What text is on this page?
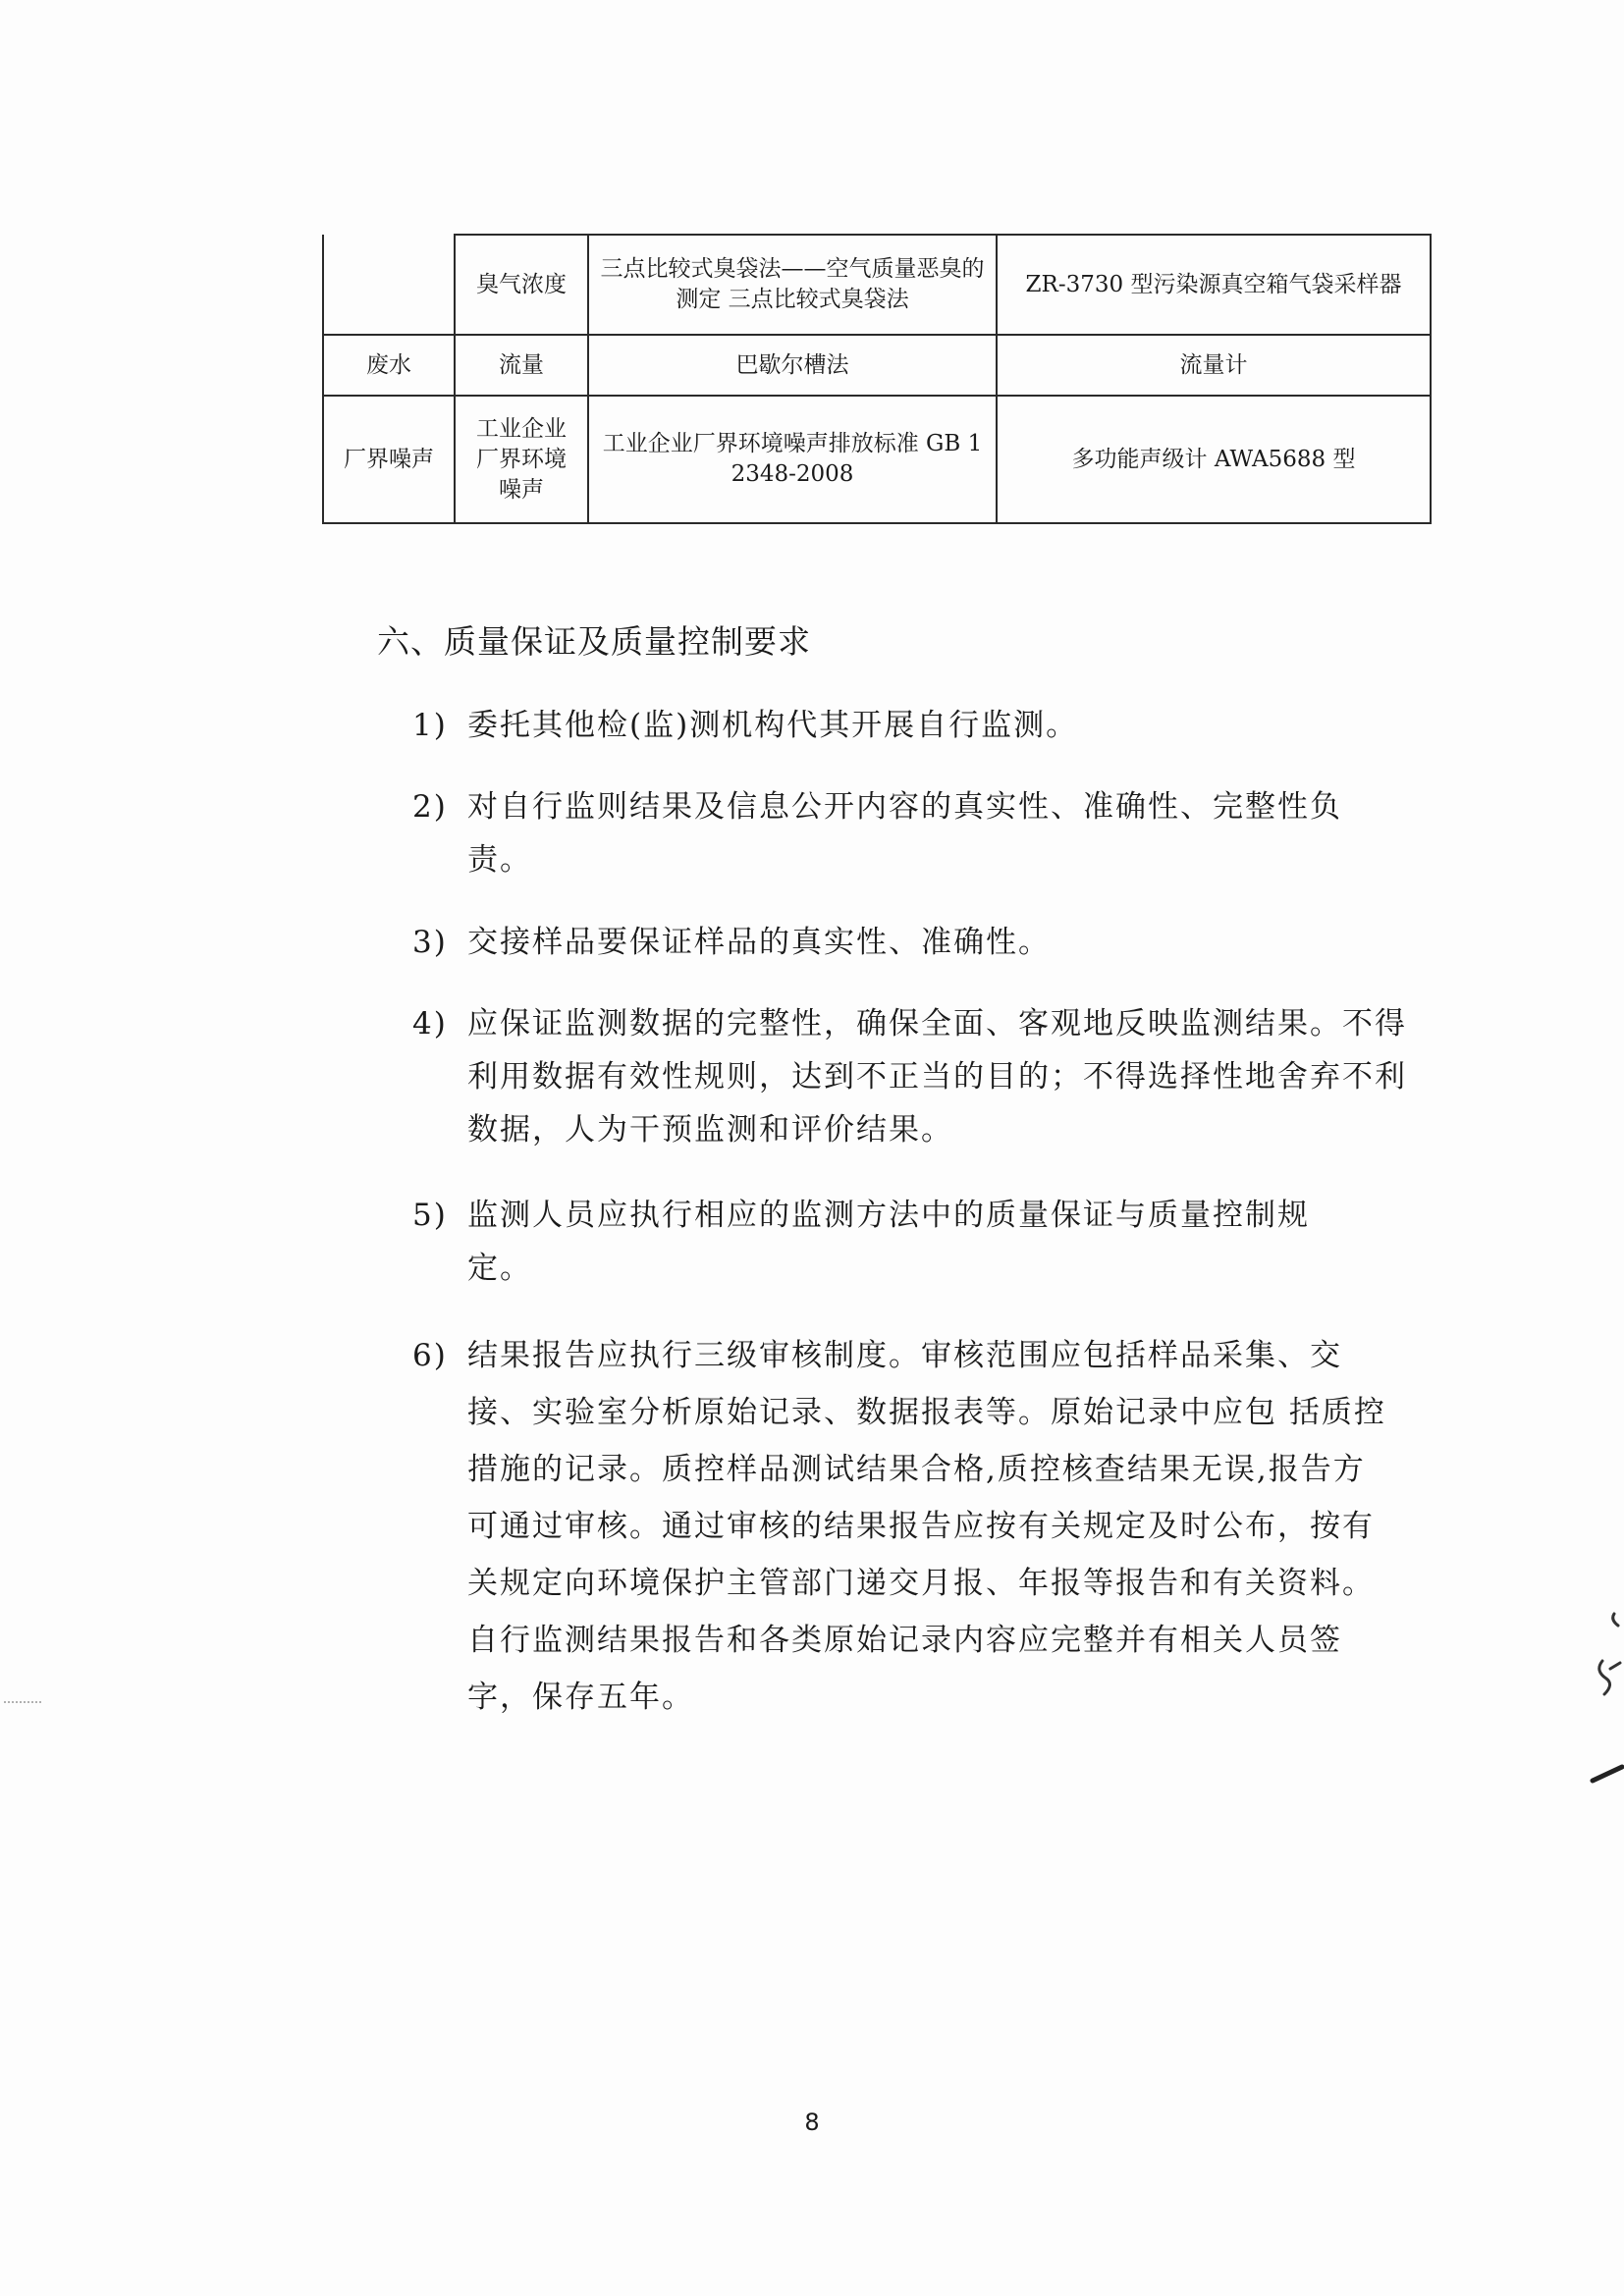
	臭气浓度	三点比较式臭袋法——空气质量恶臭的测定 三点比较式臭袋法	ZR-3730 型污染源真空箱气袋采样器
废水	流量	巴歇尔槽法	流量计
厂界噪声	工业企业厂界环境噪声	工业企业厂界环境噪声排放标准 GB 12348-2008	多功能声级计 AWA5688 型
六、质量保证及质量控制要求
1) 委托其他检(监)测机构代其开展自行监测。
2) 对自行监则结果及信息公开内容的真实性、准确性、完整性负责。
3) 交接样品要保证样品的真实性、准确性。
4) 应保证监测数据的完整性，确保全面、客观地反映监测结果。不得利用数据有效性规则，达到不正当的目的；不得选择性地舍弃不利数据，人为干预监测和评价结果。
5) 监测人员应执行相应的监测方法中的质量保证与质量控制规定。
6) 结果报告应执行三级审核制度。审核范围应包括样品采集、交接、实验室分析原始记录、数据报表等。原始记录中应包 括质控措施的记录。质控样品测试结果合格,质控核查结果无误,报告方可通过审核。通过审核的结果报告应按有关规定及时公布，按有关规定向环境保护主管部门递交月报、年报等报告和有关资料。自行监测结果报告和各类原始记录内容应完整并有相关人员签字，保存五年。
8
